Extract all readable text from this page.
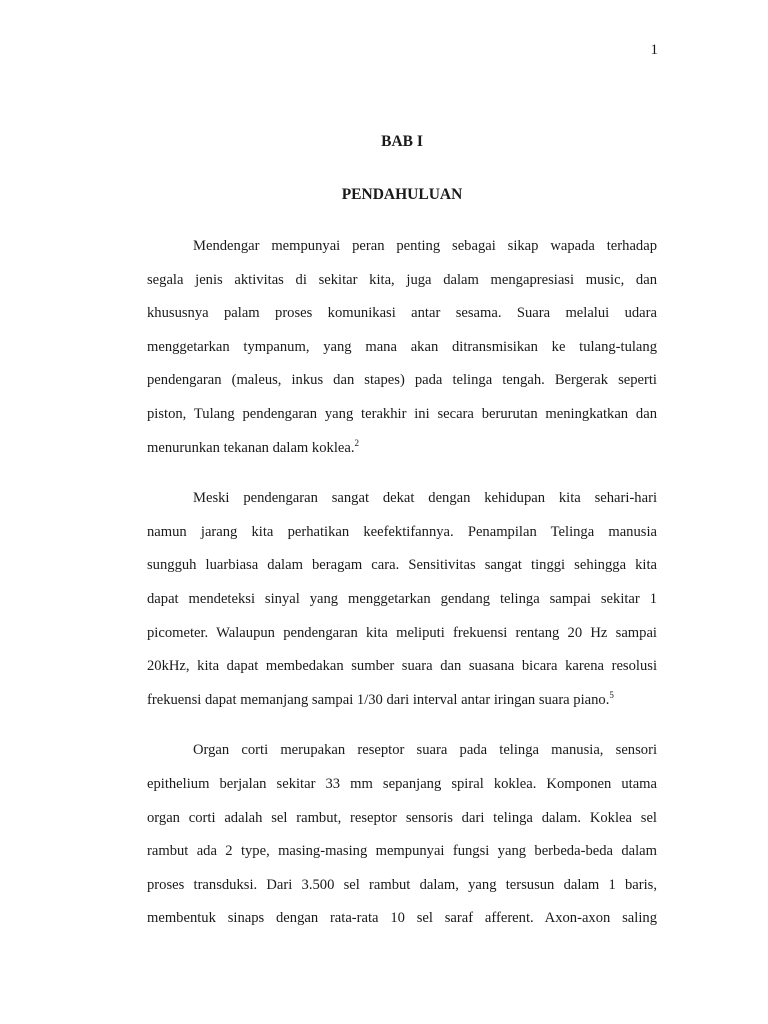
1
BAB I
PENDAHULUAN

Mendengar mempunyai peran penting sebagai sikap wapada terhadap
segala jenis aktivitas di sekitar kita, juga dalam mengapresiasi music, dan
khususnya palam proses komunikasi antar sesama. Suara melalui udara
menggetarkan tympanum, yang mana akan ditransmisikan ke tulang-tulang
pendengaran (maleus, inkus dan stapes) pada telinga tengah. Bergerak seperti
piston, Tulang pendengaran yang terakhir ini secara berurutan meningkatkan dan
menurunkan tekanan dalam koklea.$^2$

Meski pendengaran sangat dekat dengan kehidupan kita sehari-hari
namun jarang kita perhatikan keefektifannya. Penampilan Telinga manusia
sungguh luarbiasa dalam beragam cara. Sensitivitas sangat tinggi sehingga kita
dapat mendeteksi sinyal yang menggetarkan gendang telinga sampai sekitar 1
picometer. Walaupun pendengaran kita meliputi frekuensi rentang 20 Hz sampai
20kHz, kita dapat membedakan sumber suara dan suasana bicara karena resolusi
frekuensi dapat memanjang sampai 1/30 dari interval antar iringan suara piano.$^5$

Organ corti merupakan reseptor suara pada telinga manusia, sensori
epithelium berjalan sekitar 33 mm sepanjang spiral koklea. Komponen utama
organ corti adalah sel rambut, reseptor sensoris dari telinga dalam. Koklea sel
rambut ada 2 type, masing-masing mempunyai fungsi yang berbeda-beda dalam
proses transduksi. Dari 3.500 sel rambut dalam, yang tersusun dalam 1 baris,
membentuk sinaps dengan rata-rata 10 sel saraf afferent. Axon-axon saling
